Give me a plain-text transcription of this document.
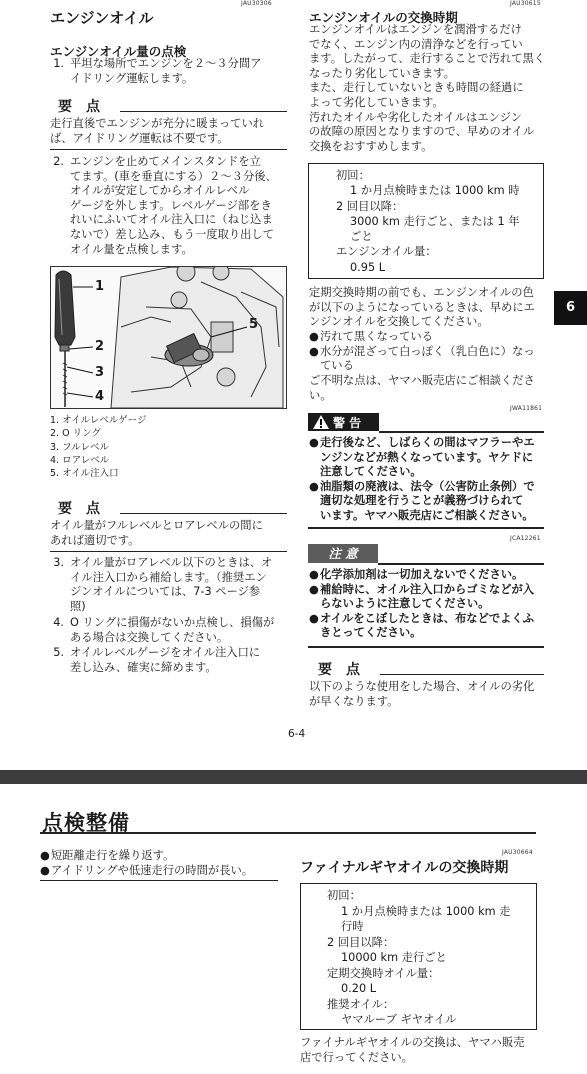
JAU30306
エンジンオイル
エンジンオイル量の点検
1. 平坦な場所でエンジンを２～３分間ア
イドリング運転します。
要点
走行直後でエンジンが充分に暖まっていれ
ば、アイドリング運転は不要です。
2. エンジンを止めてメインスタンドを立
てます。(車を垂直にする）２～３分後、
オイルが安定してからオイルレベル
ゲージを外します。レベルゲージ部をき
れいにふいてオイル注入口に（ねじ込ま
ないで）差し込み、もう一度取り出して
オイル量を点検します。
1
2
3
4
5
1. オイルレベルゲージ
2. O リング
3. フルレベル
4. ロアレベル
5. オイル注入口
要点
オイル量がフルレベルとロアレベルの間に
あれば適切です。
3. オイル量がロアレベル以下のときは、オ
イル注入口から補給します。（推奨エン
ジンオイルについては、7-3 ページ参
照)
4. O リングに損傷がないか点検し、損傷が
ある場合は交換してください。
5. オイルレベルゲージをオイル注入口に
差し込み、確実に締めます。
JAU30615
エンジンオイルの交換時期
エンジンオイルはエンジンを潤滑するだけ
でなく、エンジン内の清浄などを行ってい
ます。したがって、走行することで汚れて黒く
なったり劣化していきます。
また、走行していないときも時間の経過に
よって劣化していきます。
汚れたオイルや劣化したオイルはエンジン
の故障の原因となりますので、早めのオイル
交換をおすすめします。
初回：
1 か月点検時または 1000 km 時
2 回目以降：
3000 km 走行ごと、または 1 年
ごと
エンジンオイル量：
0.95 L
定期交換時期の前でも、エンジンオイルの色
が以下のようになっているときは、早めにエ
ンジンオイルを交換してください。
● 汚れて黒くなっている
● 水分が混ざって白っぽく（乳白色に）なっ
ている
ご不明な点は、ヤマハ販売店にご相談くださ
い。
JWA11861
警 告
● 走行後など、しばらくの間はマフラーやエ
ンジンなどが熱くなっています。ヤケドに
注意してください。
● 油脂類の廃液は、法令（公害防止条例）で
適切な処理を行うことが義務づけられて
います。ヤマハ販売店にご相談ください。
JCA12261
注 意
● 化学添加剤は一切加えないでください。
● 補給時に、オイル注入口からゴミなどが入
らないように注意してください。
● オイルをこぼしたときは、布などでよくふ
きとってください。
要点
以下のような使用をした場合、オイルの劣化
が早くなります。
6
6-4
点検整備
● 短距離走行を繰り返す。
● アイドリングや低速走行の時間が長い。
JAU30664
ファイナルギヤオイルの交換時期
初回：
1 か月点検時または 1000 km 走
行時
2 回目以降：
10000 km 走行ごと
定期交換時オイル量：
0.20 L
推奨オイル：
ヤマルーブ ギヤオイル
ファイナルギヤオイルの交換は、ヤマハ販売
店で行ってください。
